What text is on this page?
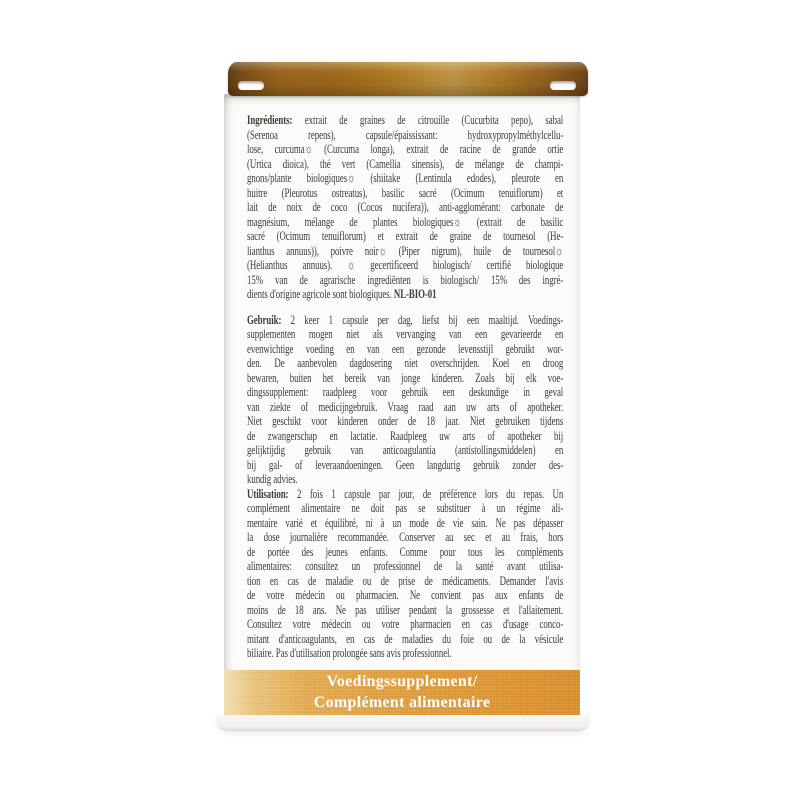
Ingrédients: extrait de graines de citrouille (Cucurbita pepo), sabal
(Serenoa repens), capsule/épaississant: hydroxypropylméthylcellu-
lose, curcuma☼ (Curcuma longa), extrait de racine de grande ortie
(Urtica dioica), thé vert (Camellia sinensis), de mélange de champi-
gnons/plante biologiques☼ (shiitake (Lentinula edodes), pleurote en
huitre (Pleurotus ostreatus), basilic sacré (Ocimum tenuiflorum) et
lait de noix de coco (Cocos nucifera)), anti-agglomérant: carbonate de
magnésium, mélange de plantes biologiques☼ (extrait de basilic
sacré (Ocimum tenuiflorum) et extrait de graine de tournesol (He-
lianthus annuus)), poivre noir☼ (Piper nigrum), huile de tournesol☼
(Helianthus annuus). ☼ gecertificeerd biologisch/ certifié biologique
15% van de agrarische ingrediënten is biologisch/ 15% des ingré-
dients d'origine agricole sont biologiques. NL-BIO-01
Gebruik: 2 keer 1 capsule per dag, liefst bij een maaltijd. Voedings-
supplementen mogen niet als vervanging van een gevarieerde en
evenwichtige voeding en van een gezonde levensstijl gebruikt wor-
den. De aanbevolen dagdosering niet overschrijden. Koel en droog
bewaren, buiten het bereik van jonge kinderen. Zoals bij elk voe-
dingssupplement: raadpleeg voor gebruik een deskundige in geval
van ziekte of medicijngebruik. Vraag raad aan uw arts of apotheker.
Niet geschikt voor kinderen onder de 18 jaar. Niet gebruiken tijdens
de zwangerschap en lactatie. Raadpleeg uw arts of apotheker bij
gelijktijdig gebruik van anticoagulantia (antistollingsmiddelen) en
bij gal- of leveraandoeningen. Geen langdurig gebruik zonder des-
kundig advies.
Utilisation: 2 fois 1 capsule par jour, de préférence lors du repas. Un
complément alimentaire ne doit pas se substituer à un régime ali-
mentaire varié et équilibré, ni à un mode de vie sain. Ne pas dépasser
la dose journalière recommandée. Conserver au sec et au frais, hors
de portée des jeunes enfants. Comme pour tous les compléments
alimentaires: consultez un professionnel de la santé avant utilisa-
tion en cas de maladie ou de prise de médicaments. Demander l'avis
de votre médecin ou pharmacien. Ne convient pas aux enfants de
moins de 18 ans. Ne pas utiliser pendant la grossesse et l'allaitement.
Consultez votre médecin ou votre pharmacien en cas d'usage conco-
mitant d'anticoagulants, en cas de maladies du foie ou de la vésicule
biliaire. Pas d'utilisation prolongée sans avis professionnel.
Voedingssupplement/
Complément alimentaire
